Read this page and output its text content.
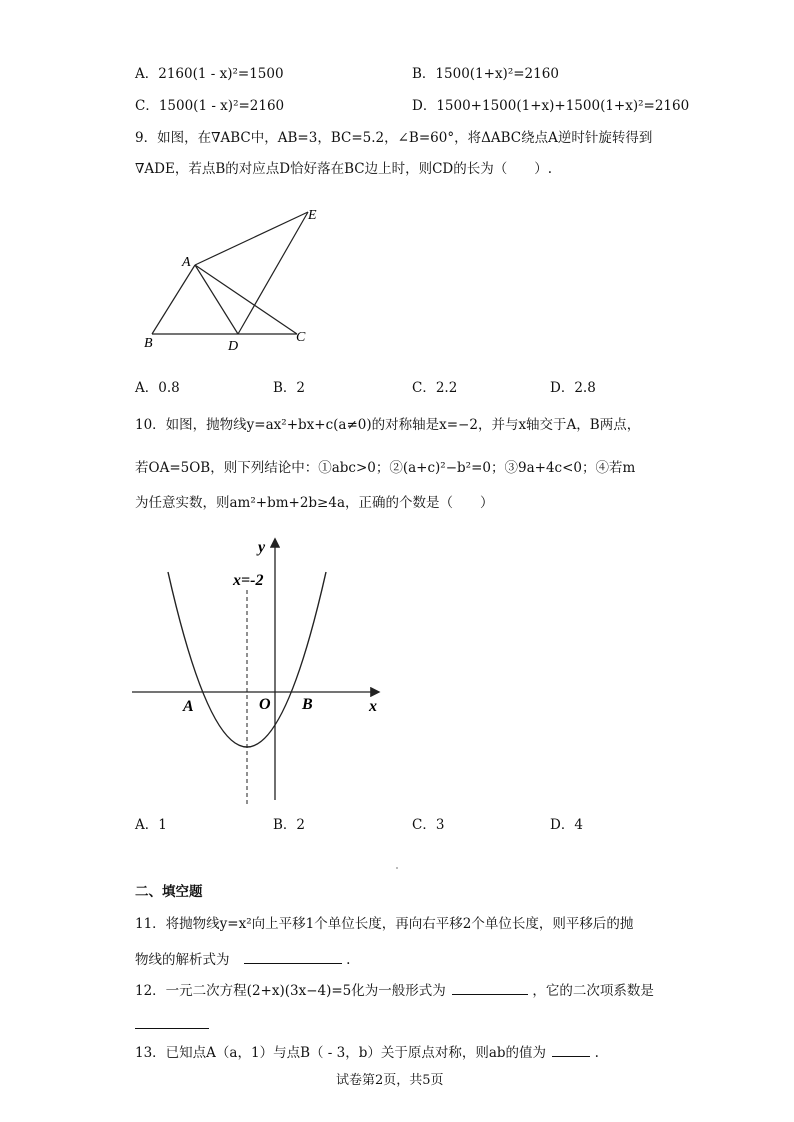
A．2160(1 - x)²=1500	B．1500(1+x)²=2160
C．1500(1 - x)²=2160	D．1500+1500(1+x)+1500(1+x)²=2160
9．如图，在∇ABC中，AB=3，BC=5.2，∠B=60°，将ΔABC绕点A逆时针旋转得到
∇ADE，若点B的对应点D恰好落在BC边上时，则CD的长为（　　）.
A
B	D
C
E
A．0.8	B．2	C．2.2	D．2.8
10．如图，抛物线y=ax²+bx+c(a≠0)的对称轴是x=−2，并与x轴交于A，B两点，
若OA=5OB，则下列结论中：①abc>0；②(a+c)²−b²=0；③9a+4c<0；④若m
为任意实数，则am²+bm+2b≥4a，正确的个数是（　　）
y
x=-2
A	O B	x
A．1	B．2	C．3	D．4
二、填空题
11．将抛物线y=x²向上平移1个单位长度，再向右平移2个单位长度，则平移后的抛
物线的解析式为	.
12．一元二次方程(2+x)(3x−4)=5化为一般形式为	，它的二次项系数是
13．已知点A（a，1）与点B（ - 3，b）关于原点对称，则ab的值为	.
试卷第2页，共5页
